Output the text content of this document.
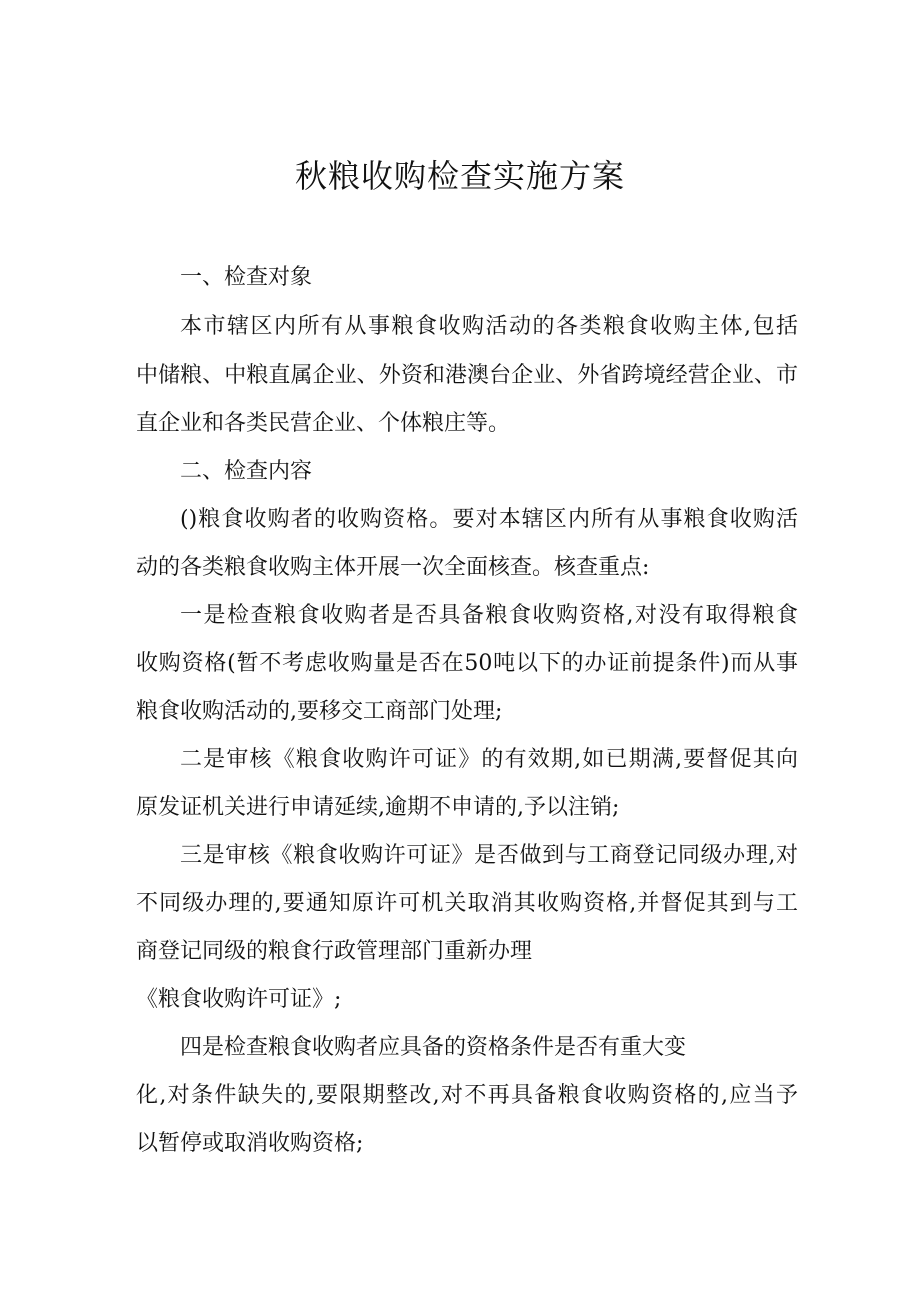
秋粮收购检查实施方案
一、检查对象
本市辖区内所有从事粮食收购活动的各类粮食收购主体,包括
中储粮、中粮直属企业、外资和港澳台企业、外省跨境经营企业、市
直企业和各类民营企业、个体粮庄等。
二、检查内容
()粮食收购者的收购资格。要对本辖区内所有从事粮食收购活
动的各类粮食收购主体开展一次全面核查。核查重点:
一是检查粮食收购者是否具备粮食收购资格,对没有取得粮食
收购资格(暂不考虑收购量是否在50吨以下的办证前提条件)而从事
粮食收购活动的,要移交工商部门处理;
二是审核《粮食收购许可证》的有效期,如已期满,要督促其向
原发证机关进行申请延续,逾期不申请的,予以注销;
三是审核《粮食收购许可证》是否做到与工商登记同级办理,对
不同级办理的,要通知原许可机关取消其收购资格,并督促其到与工
商登记同级的粮食行政管理部门重新办理
《粮食收购许可证》;
四是检查粮食收购者应具备的资格条件是否有重大变
化,对条件缺失的,要限期整改,对不再具备粮食收购资格的,应当予
以暂停或取消收购资格;
